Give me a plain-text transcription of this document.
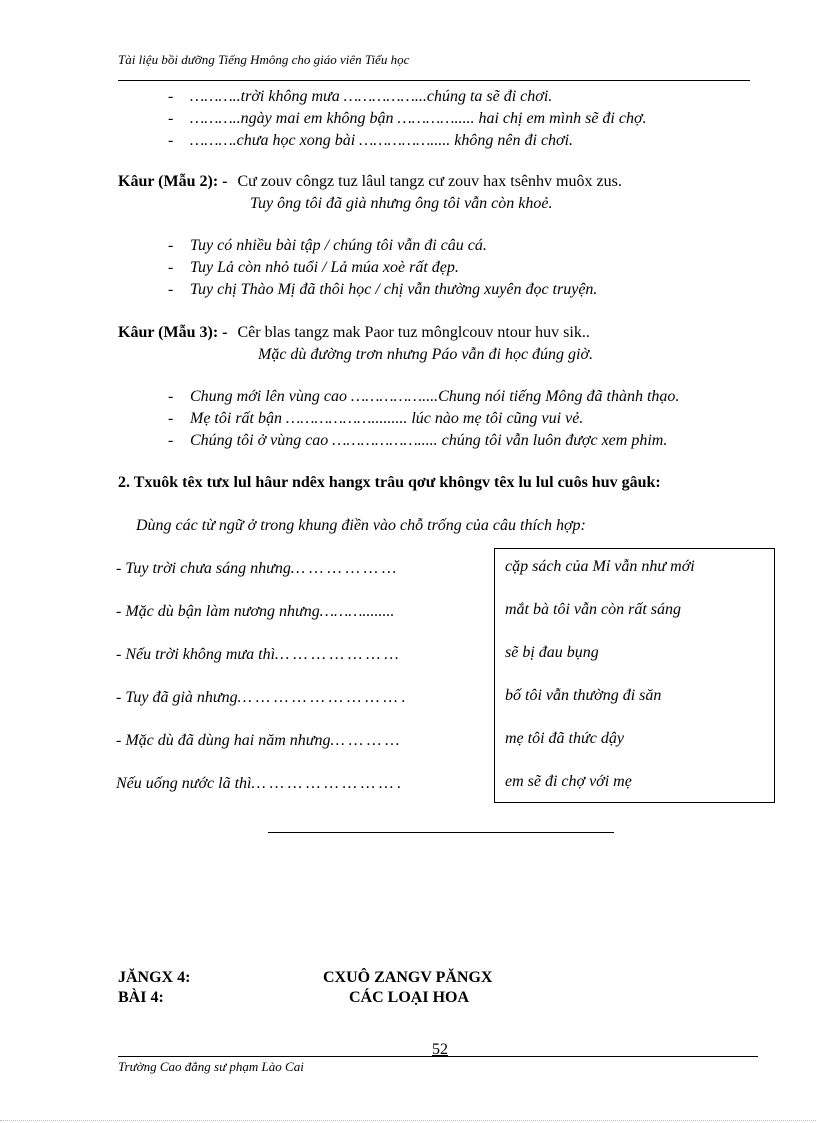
Tài liệu bồi dưỡng Tiếng Hmông cho giáo viên Tiểu học
- ………..trời không mưa ……………...chúng ta sẽ đi chơi.
- ………..ngày mai em không bận …………..... hai chị em mình sẽ đi chợ.
- ……….chưa học xong bài ……………..... không nên đi chơi.
Kâur (Mẫu 2): - Cư zouv côngz tuz lâul tangz cư zouv hax tsênhv muôx zus.
Tuy ông tôi đã già nhưng ông tôi vẫn còn khoẻ.
- Tuy có nhiều bài tập / chúng tôi vẫn đi câu cá.
- Tuy Lả còn nhỏ tuổi / Lả múa xoè rất đẹp.
- Tuy chị Thào Mị đã thôi học / chị vẫn thường xuyên đọc truyện.
Kâur (Mẫu 3): - Cêr blas tangz mak Paor tuz mônglcouv ntour huv sik..
Mặc dù đường trơn nhưng Páo vẫn đi học đúng giờ.
- Chung mới lên vùng cao ……………....Chung nói tiếng Mông đã thành thạo.
- Mẹ tôi rất bận ………………......... lúc nào mẹ tôi cũng vui vẻ.
- Chúng tôi ở vùng cao ………………..... chúng tôi vẫn luôn được xem phim.
2. Txuôk têx tưx lul hâur ndêx hangx trâu qơư khôngv têx lu lul cuôs huv gâuk:
Dùng các từ ngữ ở trong khung điền vào chỗ trống của câu thích hợp:
- Tuy trời chưa sáng nhưng… … … … … …
- Mặc dù bận làm nương nhưng………........
- Nếu trời không mưa thì… … … … … … …
- Tuy đã già nhưng… … … … … … … … … .
- Mặc dù đã dùng hai năm nhưng… … … …
Nếu uống nước lã thì… … … … … … … … .
cặp sách của Mỉ vẫn như mới
mắt bà tôi vẫn còn rất sáng
sẽ bị đau bụng
bố tôi vẫn thường đi săn
mẹ tôi đã thức dậy
em sẽ đi chợ với mẹ
JĂNGX 4:	CXUÔ ZANGV PĂNGX
BÀI 4:	CÁC LOẠI HOA
52
Trường Cao đẳng sư phạm Lào Cai
